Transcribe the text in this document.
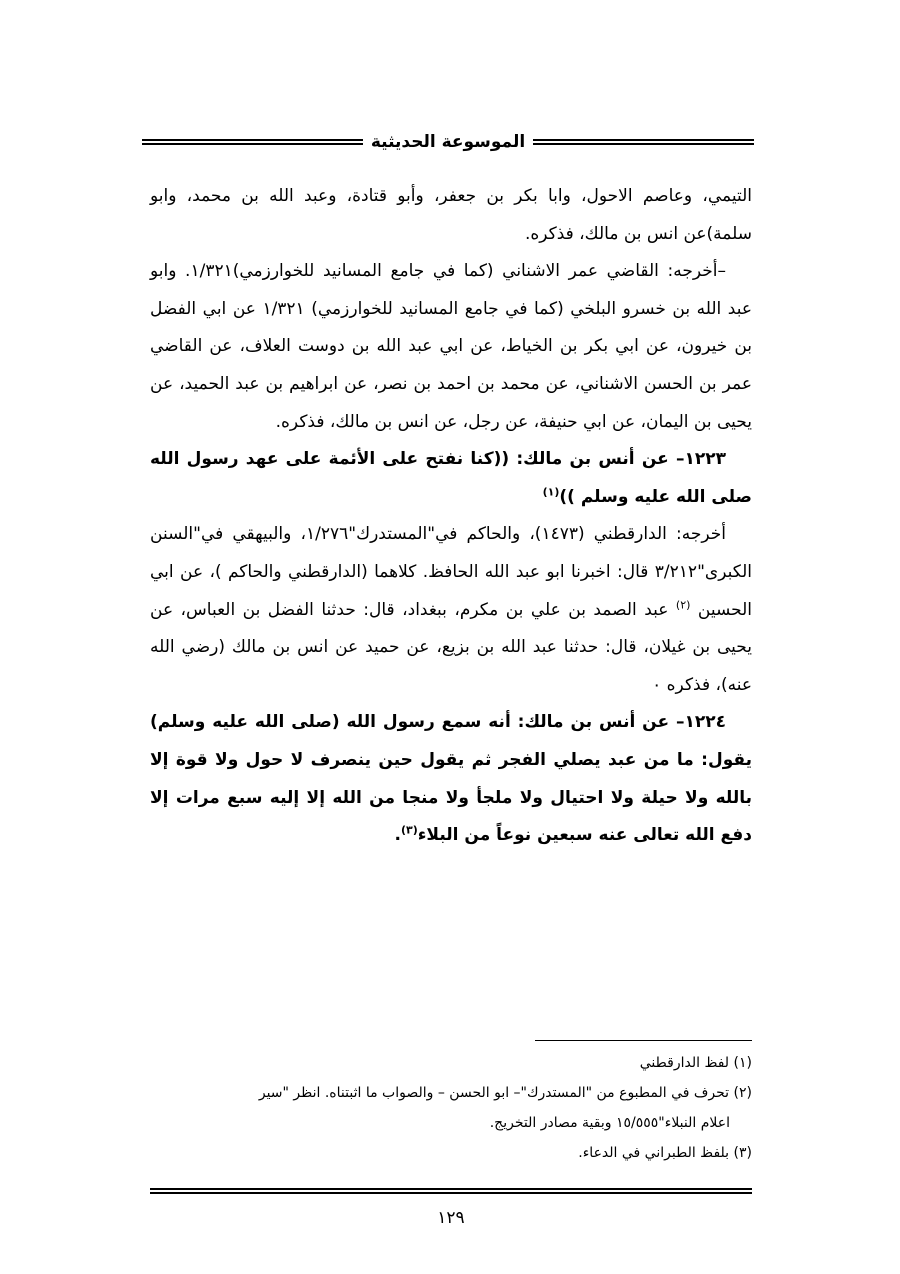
الموسوعة الحديثية

التيمي، وعاصم الاحول، وابا بكر بن جعفر، وأبو قتادة، وعبد الله بن محمد، وابو سلمة)عن انس بن مالك، فذكره.

–أخرجه: القاضي عمر الاشناني (كما في جامع المسانيد للخوارزمي)١/٣٢١. وابو عبد الله بن خسرو البلخي (كما في جامع المسانيد للخوارزمي) ١/٣٢١ عن ابي الفضل بن خيرون، عن ابي بكر بن الخياط، عن ابي عبد الله بن دوست العلاف، عن القاضي عمر بن الحسن الاشناني، عن محمد بن احمد بن نصر، عن ابراهيم بن عبد الحميد، عن يحيى بن اليمان، عن ابي حنيفة، عن رجل، عن انس بن مالك، فذكره.

١٢٢٣– عن أنس بن مالك: ((كنا نفتح على الأئمة على عهد رسول الله صلى الله عليه وسلم ))$^{(١)}$

أخرجه: الدارقطني (١٤٧٣)، والحاكم في"المستدرك"١/٢٧٦، والبيهقي في"السنن الكبرى"٣/٢١٢ قال: اخبرنا ابو عبد الله الحافظ. كلاهما (الدارقطني والحاكم )، عن ابي الحسين $^{(٢)}$ عبد الصمد بن علي بن مكرم، ببغداد، قال: حدثنا الفضل بن العباس، عن يحيى بن غيلان، قال: حدثنا عبد الله بن بزيع، عن حميد عن انس بن مالك (رضي الله عنه)، فذكره ٠

١٢٢٤– عن أنس بن مالك: أنه سمع رسول الله (صلى الله عليه وسلم) يقول: ما من عبد يصلي الفجر ثم يقول حين ينصرف لا حول ولا قوة إلا بالله ولا حيلة ولا احتيال ولا ملجأ ولا منجا من الله إلا إليه سبع مرات إلا دفع الله تعالى عنه سبعين نوعاً من البلاء$^{(٣)}$.

(١) لفظ الدارقطني

(٢) تحرف في المطبوع من "المستدرك"– ابو الحسن – والصواب ما اثبتناه. انظر "سير

اعلام النبلاء"١٥/٥٥٥ وبقية مصادر التخريج.

(٣) بلفظ الطبراني في الدعاء.

١٢٩
